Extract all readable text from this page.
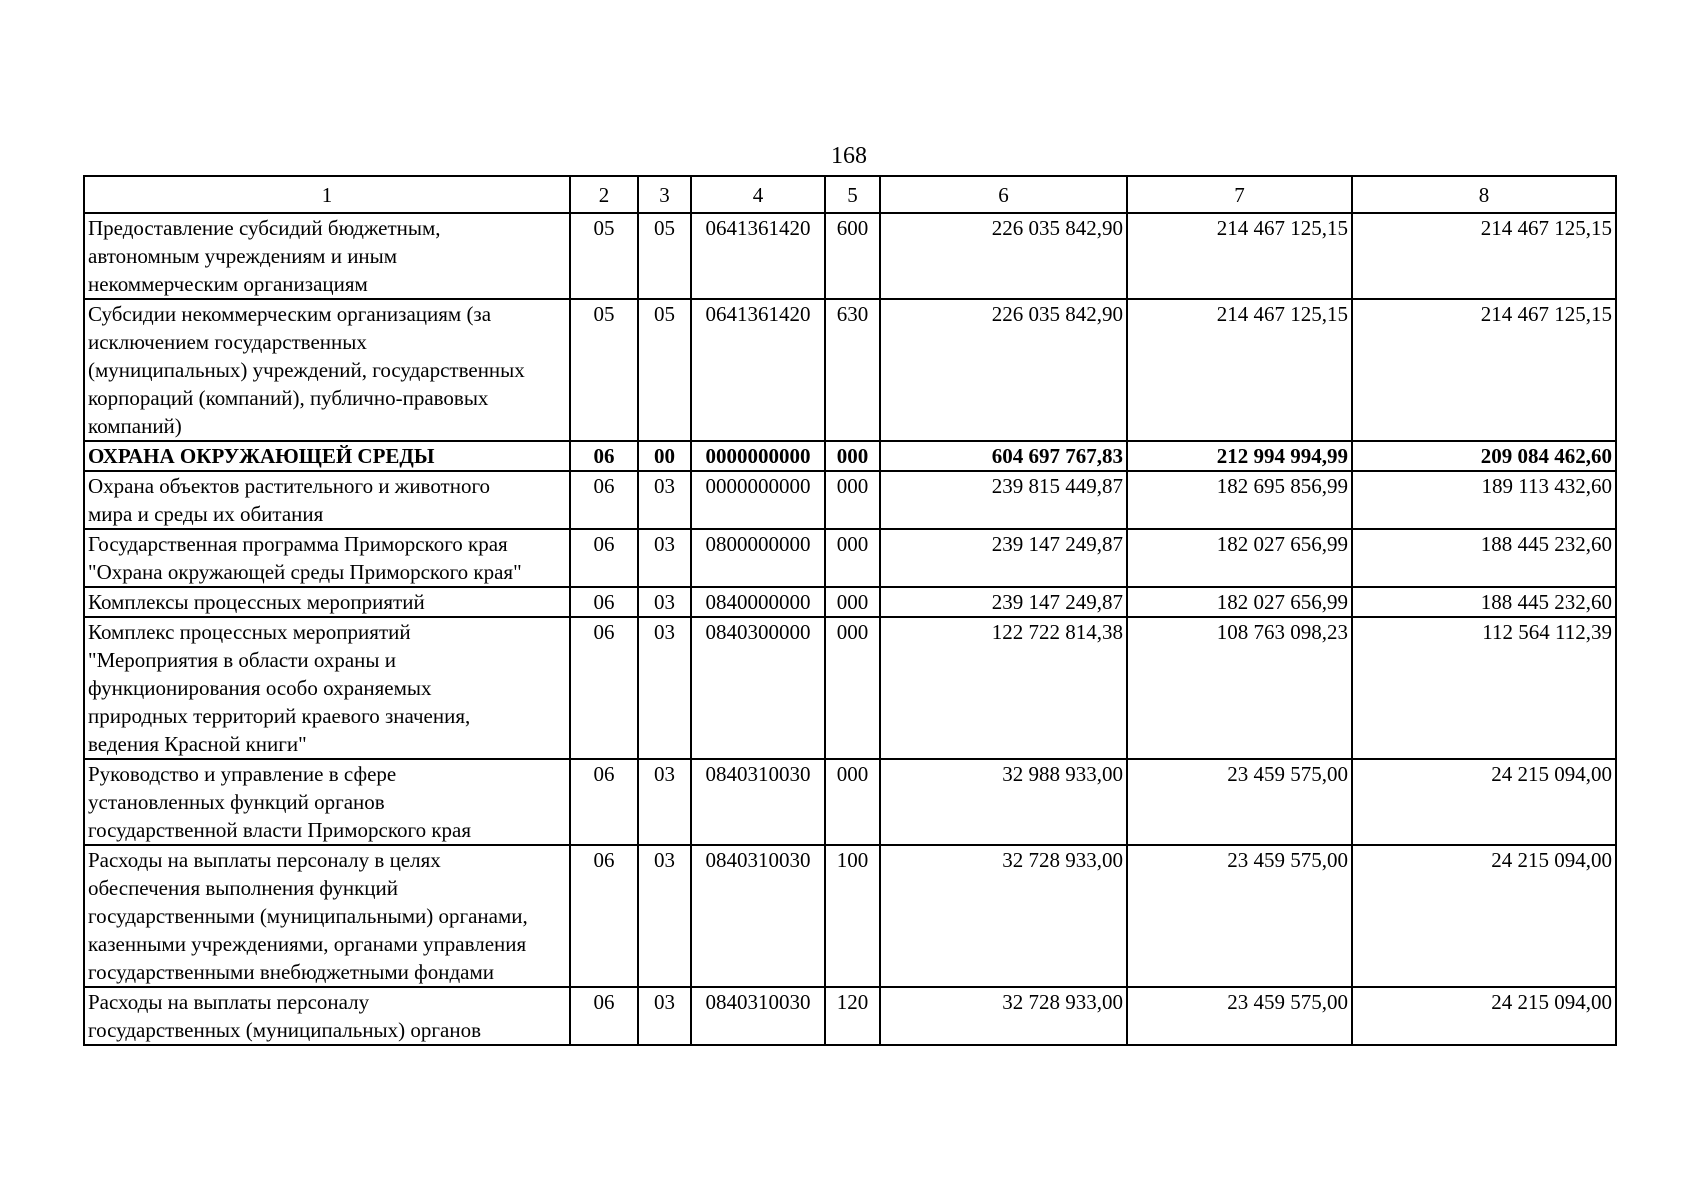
168
1	2	3	4	5	6	7	8

Предоставление субсидий бюджетным,
автономным учреждениям и иным
некоммерческим организациям	05	05	0641361420	600	226 035 842,90	214 467 125,15	214 467 125,15

Субсидии некоммерческим организациям (за
исключением государственных
(муниципальных) учреждений, государственных
корпораций (компаний), публично-правовых
компаний)	05	05	0641361420	630	226 035 842,90	214 467 125,15	214 467 125,15

ОХРАНА ОКРУЖАЮЩЕЙ СРЕДЫ	06	00	0000000000	000	604 697 767,83	212 994 994,99	209 084 462,60

Охрана объектов растительного и животного
мира и среды их обитания	06	03	0000000000	000	239 815 449,87	182 695 856,99	189 113 432,60

Государственная программа Приморского края
"Охрана окружающей среды Приморского края"	06	03	0800000000	000	239 147 249,87	182 027 656,99	188 445 232,60

Комплексы процессных мероприятий	06	03	0840000000	000	239 147 249,87	182 027 656,99	188 445 232,60

Комплекс процессных мероприятий
"Мероприятия в области охраны и
функционирования особо охраняемых
природных территорий краевого значения,
ведения Красной книги"	06	03	0840300000	000	122 722 814,38	108 763 098,23	112 564 112,39

Руководство и управление в сфере
установленных функций органов
государственной власти Приморского края	06	03	0840310030	000	32 988 933,00	23 459 575,00	24 215 094,00

Расходы на выплаты персоналу в целях
обеспечения выполнения функций
государственными (муниципальными) органами,
казенными учреждениями, органами управления
государственными внебюджетными фондами	06	03	0840310030	100	32 728 933,00	23 459 575,00	24 215 094,00

Расходы на выплаты персоналу
государственных (муниципальных) органов	06	03	0840310030	120	32 728 933,00	23 459 575,00	24 215 094,00
